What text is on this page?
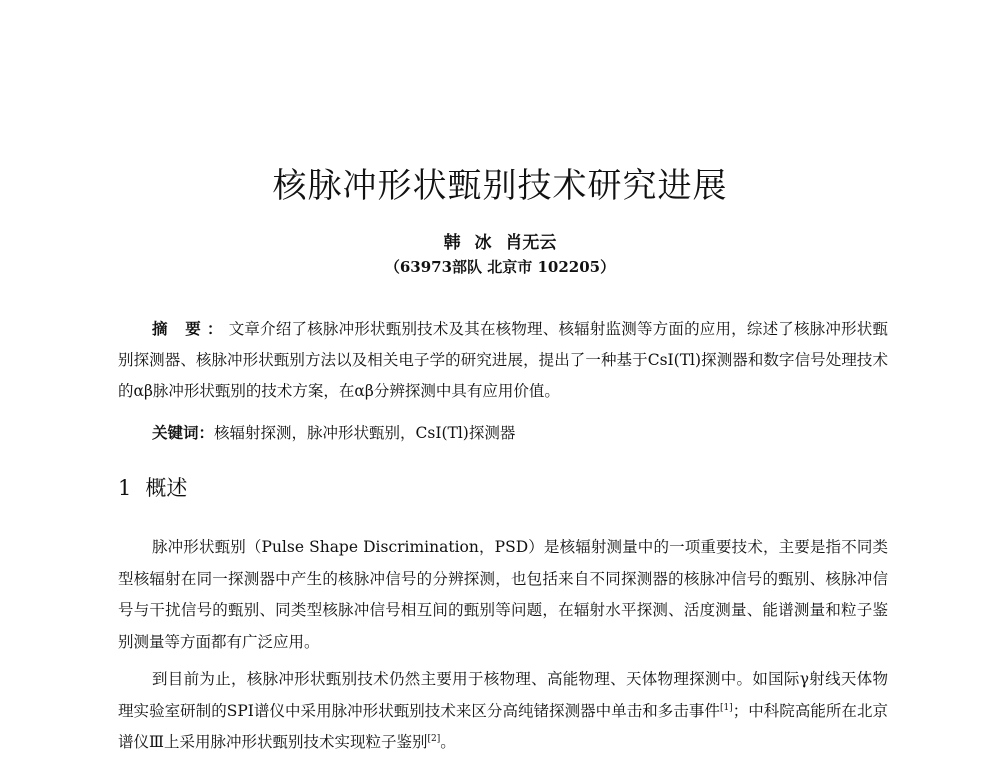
核脉冲形状甄别技术研究进展
韩 冰 肖无云
（63973部队 北京市 102205）

摘 要：文章介绍了核脉冲形状甄别技术及其在核物理、核辐射监测等方面的应用，综述了核脉冲形状甄别探测器、核脉冲形状甄别方法以及相关电子学的研究进展，提出了一种基于CsI(Tl)探测器和数字信号处理技术的αβ脉冲形状甄别的技术方案，在αβ分辨探测中具有应用价值。

关键词：核辐射探测，脉冲形状甄别，CsI(Tl)探测器

1 概述

脉冲形状甄别（Pulse Shape Discrimination，PSD）是核辐射测量中的一项重要技术，主要是指不同类型核辐射在同一探测器中产生的核脉冲信号的分辨探测，也包括来自不同探测器的核脉冲信号的甄别、核脉冲信号与干扰信号的甄别、同类型核脉冲信号相互间的甄别等问题，在辐射水平探测、活度测量、能谱测量和粒子鉴别测量等方面都有广泛应用。

到目前为止，核脉冲形状甄别技术仍然主要用于核物理、高能物理、天体物理探测中。如国际γ射线天体物理实验室研制的SPI谱仪中采用脉冲形状甄别技术来区分高纯锗探测器中单击和多击事件[1]；中科院高能所在北京谱仪Ⅲ上采用脉冲形状甄别技术实现粒子鉴别[2]。
